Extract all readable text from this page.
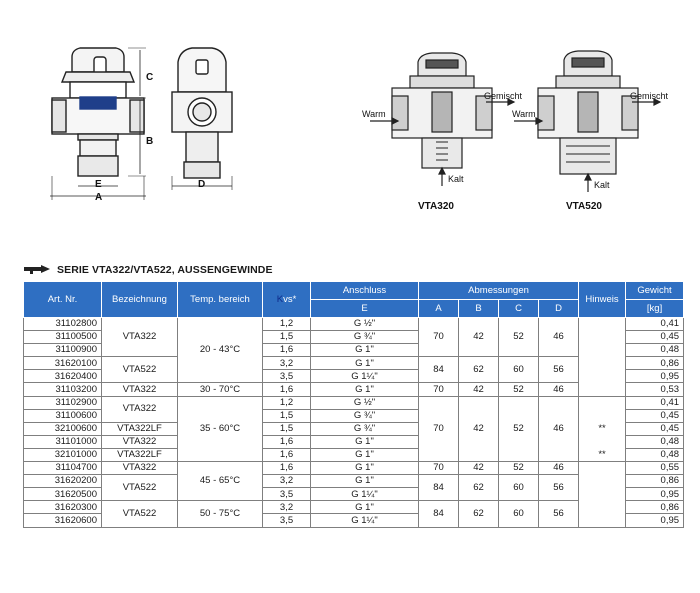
C
B
E
A
D
Warm
Gemischt
Kalt
VTA320
Warm
Gemischt
Kalt
VTA520
SERIE VTA322/VTA522, AUSSENGEWINDE
Art. Nr.	Bezeichnung	Temp. bereich	Kvs*	Anschluss	Abmessungen				Hinweis	Gewicht
				E	A	B	C	D		[kg]
31102800	VTA322	20 - 43°C	1,2	G ½"	70	42	52	46		0,41
31100500			1,5	G ¾"						0,45
31100900			1,6	G 1"						0,48
31620100	VTA522		3,2	G 1"	84	62	60	56		0,86
31620400			3,5	G 1¼"						0,95
31103200	VTA322	30 - 70°C	1,6	G 1"	70	42	52	46		0,53
31102900	VTA322	35 - 60°C	1,2	G ½"	70	42	52	46		0,41
31100600			1,5	G ¾"						0,45
32100600	VTA322LF		1,5	G ¾"					**	0,45
31101000	VTA322		1,6	G 1"						0,48
32101000	VTA322LF		1,6	G 1"					**	0,48
31104700	VTA322	45 - 65°C	1,6	G 1"	70	42	52	46		0,55
31620200	VTA522		3,2	G 1"	84	62	60	56		0,86
31620500			3,5	G 1¼"						0,95
31620300	VTA522	50 - 75°C	3,2	G 1"	84	62	60	56		0,86
31620600			3,5	G 1¼"						0,95
